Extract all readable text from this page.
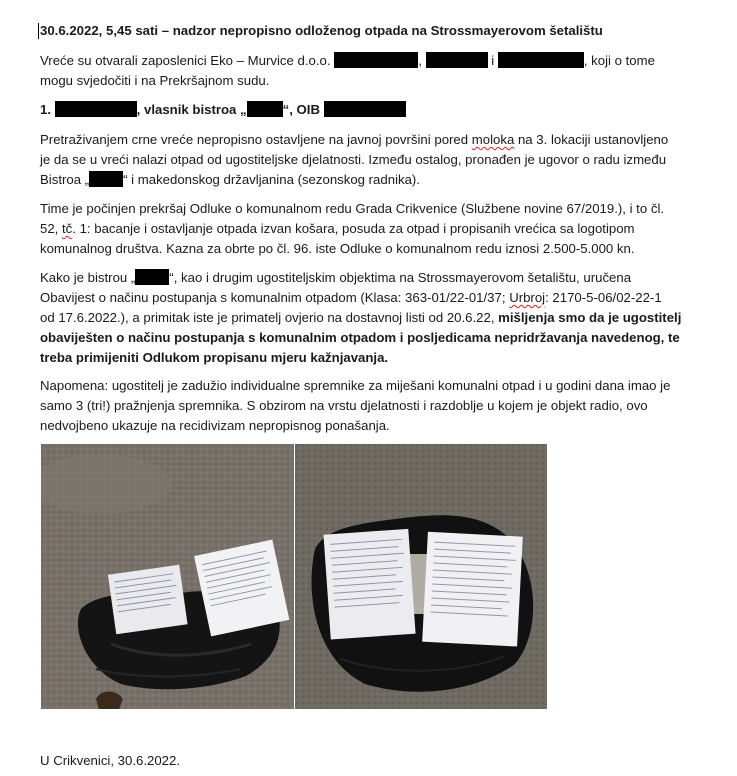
30.6.2022, 5,45 sati – nadzor nepropisno odloženog otpada na Strossmayerovom šetalištu
Vreće su otvarali zaposlenici Eko – Murvice d.o.o.	,	i	, koji o tome
mogu svjedočiti i na Prekršajnom sudu.
1.	, vlasnik bistroa „	“, OIB
Pretraživanjem crne vreće nepropisno ostavljene na javnoj površini pored moloka na 3. lokaciji ustanovljeno
je da se u vreći nalazi otpad od ugostiteljske djelatnosti. Između ostalog, pronađen je ugovor o radu između
Bistroa „	“ i makedonskog državljanina (sezonskog radnika).
Time je počinjen prekršaj Odluke o komunalnom redu Grada Crikvenice (Službene novine 67/2019.), i to čl.
52, tč. 1: bacanje i ostavljanje otpada izvan košara, posuda za otpad i propisanih vrećica sa logotipom
komunalnog društva. Kazna za obrte po čl. 96. iste Odluke o komunalnom redu iznosi 2.500-5.000 kn.
Kako je bistrou „	“, kao i drugim ugostiteljskim objektima na Strossmayerovom šetalištu, uručena
Obavijest o načinu postupanja s komunalnim otpadom (Klasa: 363-01/22-01/37; Urbroj: 2170-5-06/02-22-1
od 17.6.2022.), a primitak iste je primatelj ovjerio na dostavnoj listi od 20.6.22, mišljenja smo da je ugostitelj
obaviješten o načinu postupanja s komunalnim otpadom i posljedicama nepridržavanja navedenog, te
treba primijeniti Odlukom propisanu mjeru kažnjavanja.
Napomena: ugostitelj je zadužio individualne spremnike za miješani komunalni otpad i u godini dana imao je
samo 3 (tri!) pražnjenja spremnika. S obzirom na vrstu djelatnosti i razdoblje u kojem je objekt radio, ovo
nedvojbeno ukazuje na recidivizam nepropisnog ponašanja.
U Crikvenici, 30.6.2022.
